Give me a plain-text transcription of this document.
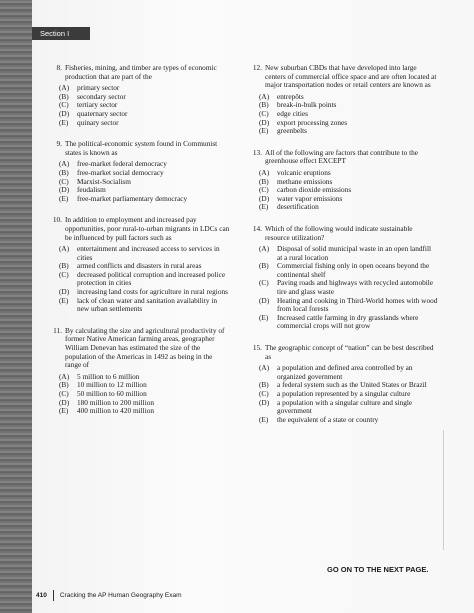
Section I
8. Fisheries, mining, and timber are types of economic production that are part of the
(A)	primary sector
(B)	secondary sector
(C)	tertiary sector
(D)	quaternary sector
(E)	quinary sector
9. The political-economic system found in Communist states is known as
(A)	free-market federal democracy
(B)	free-market social democracy
(C)	Marxist-Socialism
(D)	feudalism
(E)	free-market parliamentary democracy
10. In addition to employment and increased pay opportunities, poor rural-to-urban migrants in LDCs can be influenced by pull factors such as
(A)	entertainment and increased access to services in cities
(B)	armed conflicts and disasters in rural areas
(C)	decreased political corruption and increased police protection in cities
(D)	increasing land costs for agriculture in rural regions
(E)	lack of clean water and sanitation availability in new urban settlements
11. By calculating the size and agricultural productivity of former Native American farming areas, geographer William Denevan has estimated the size of the population of the Americas in 1492 as being in the range of
(A)	5 million to 6 million
(B)	10 million to 12 million
(C)	50 million to 60 million
(D)	180 million to 200 million
(E)	400 million to 420 million
12. New suburban CBDs that have developed into large centers of commercial office space and are often located at major transportation nodes or retail centers are known as
(A)	entrepôts
(B)	break-in-bulk points
(C)	edge cities
(D)	export processing zones
(E)	greenbelts
13. All of the following are factors that contribute to the greenhouse effect EXCEPT
(A)	volcanic eruptions
(B)	methane emissions
(C)	carbon dioxide emissions
(D)	water vapor emissions
(E)	desertification
14. Which of the following would indicate sustainable resource utilization?
(A)	Disposal of solid municipal waste in an open landfill at a rural location
(B)	Commercial fishing only in open oceans beyond the continental shelf
(C)	Paving roads and highways with recycled automobile tire and glass waste
(D)	Heating and cooking in Third-World homes with wood from local forests
(E)	Increased cattle farming in dry grasslands where commercial crops will not grow
15. The geographic concept of “nation” can be best described as
(A)	a population and defined area controlled by an organized government
(B)	a federal system such as the United States or Brazil
(C)	a population represented by a singular culture
(D)	a population with a singular culture and single government
(E)	the equivalent of a state or country
GO ON TO THE NEXT PAGE.
410 Cracking the AP Human Geography Exam
